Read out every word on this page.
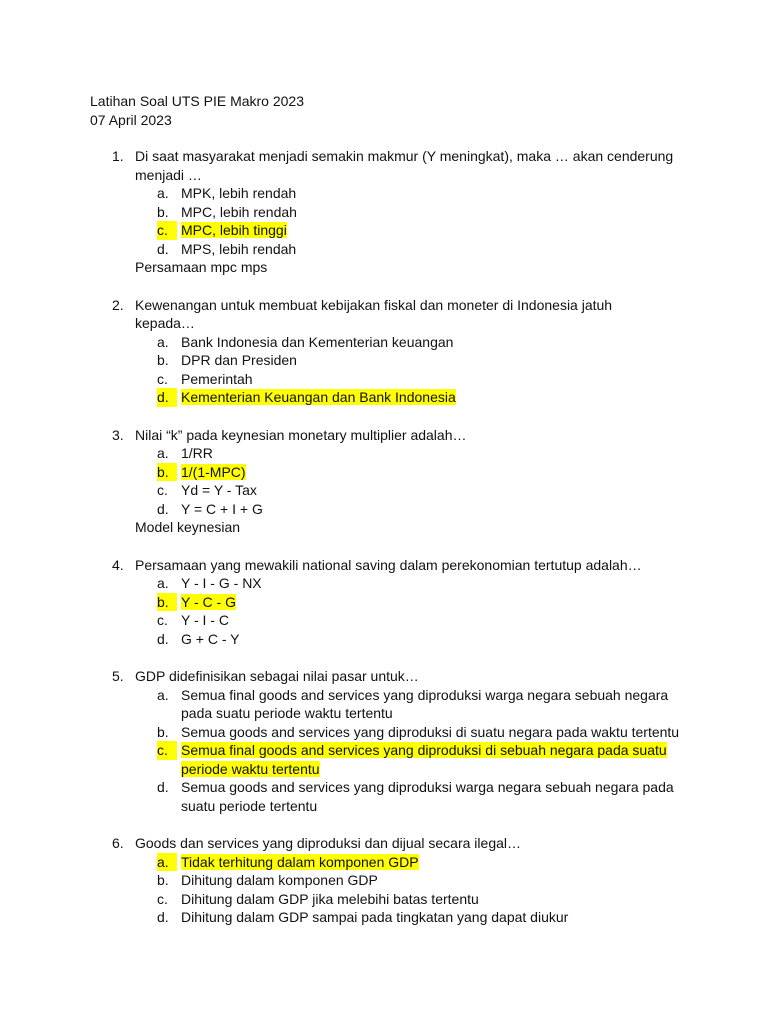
Latihan Soal UTS PIE Makro 2023
07 April 2023
1. Di saat masyarakat menjadi semakin makmur (Y meningkat), maka … akan cenderung menjadi …
a. MPK, lebih rendah
b. MPC, lebih rendah
c. MPC, lebih tinggi
d. MPS, lebih rendah
Persamaan mpc mps
2. Kewenangan untuk membuat kebijakan fiskal dan moneter di Indonesia jatuh kepada…
a. Bank Indonesia dan Kementerian keuangan
b. DPR dan Presiden
c. Pemerintah
d. Kementerian Keuangan dan Bank Indonesia
3. Nilai “k” pada keynesian monetary multiplier adalah…
a. 1/RR
b. 1/(1-MPC)
c. Yd = Y - Tax
d. Y = C + I + G
Model keynesian
4. Persamaan yang mewakili national saving dalam perekonomian tertutup adalah…
a. Y - I - G - NX
b. Y - C - G
c. Y - I - C
d. G + C - Y
5. GDP didefinisikan sebagai nilai pasar untuk…
a. Semua final goods and services yang diproduksi warga negara sebuah negara pada suatu periode waktu tertentu
b. Semua goods and services yang diproduksi di suatu negara pada waktu tertentu
c. Semua final goods and services yang diproduksi di sebuah negara pada suatu periode waktu tertentu
d. Semua goods and services yang diproduksi warga negara sebuah negara pada suatu periode tertentu
6. Goods dan services yang diproduksi dan dijual secara ilegal…
a. Tidak terhitung dalam komponen GDP
b. Dihitung dalam komponen GDP
c. Dihitung dalam GDP jika melebihi batas tertentu
d. Dihitung dalam GDP sampai pada tingkatan yang dapat diukur
